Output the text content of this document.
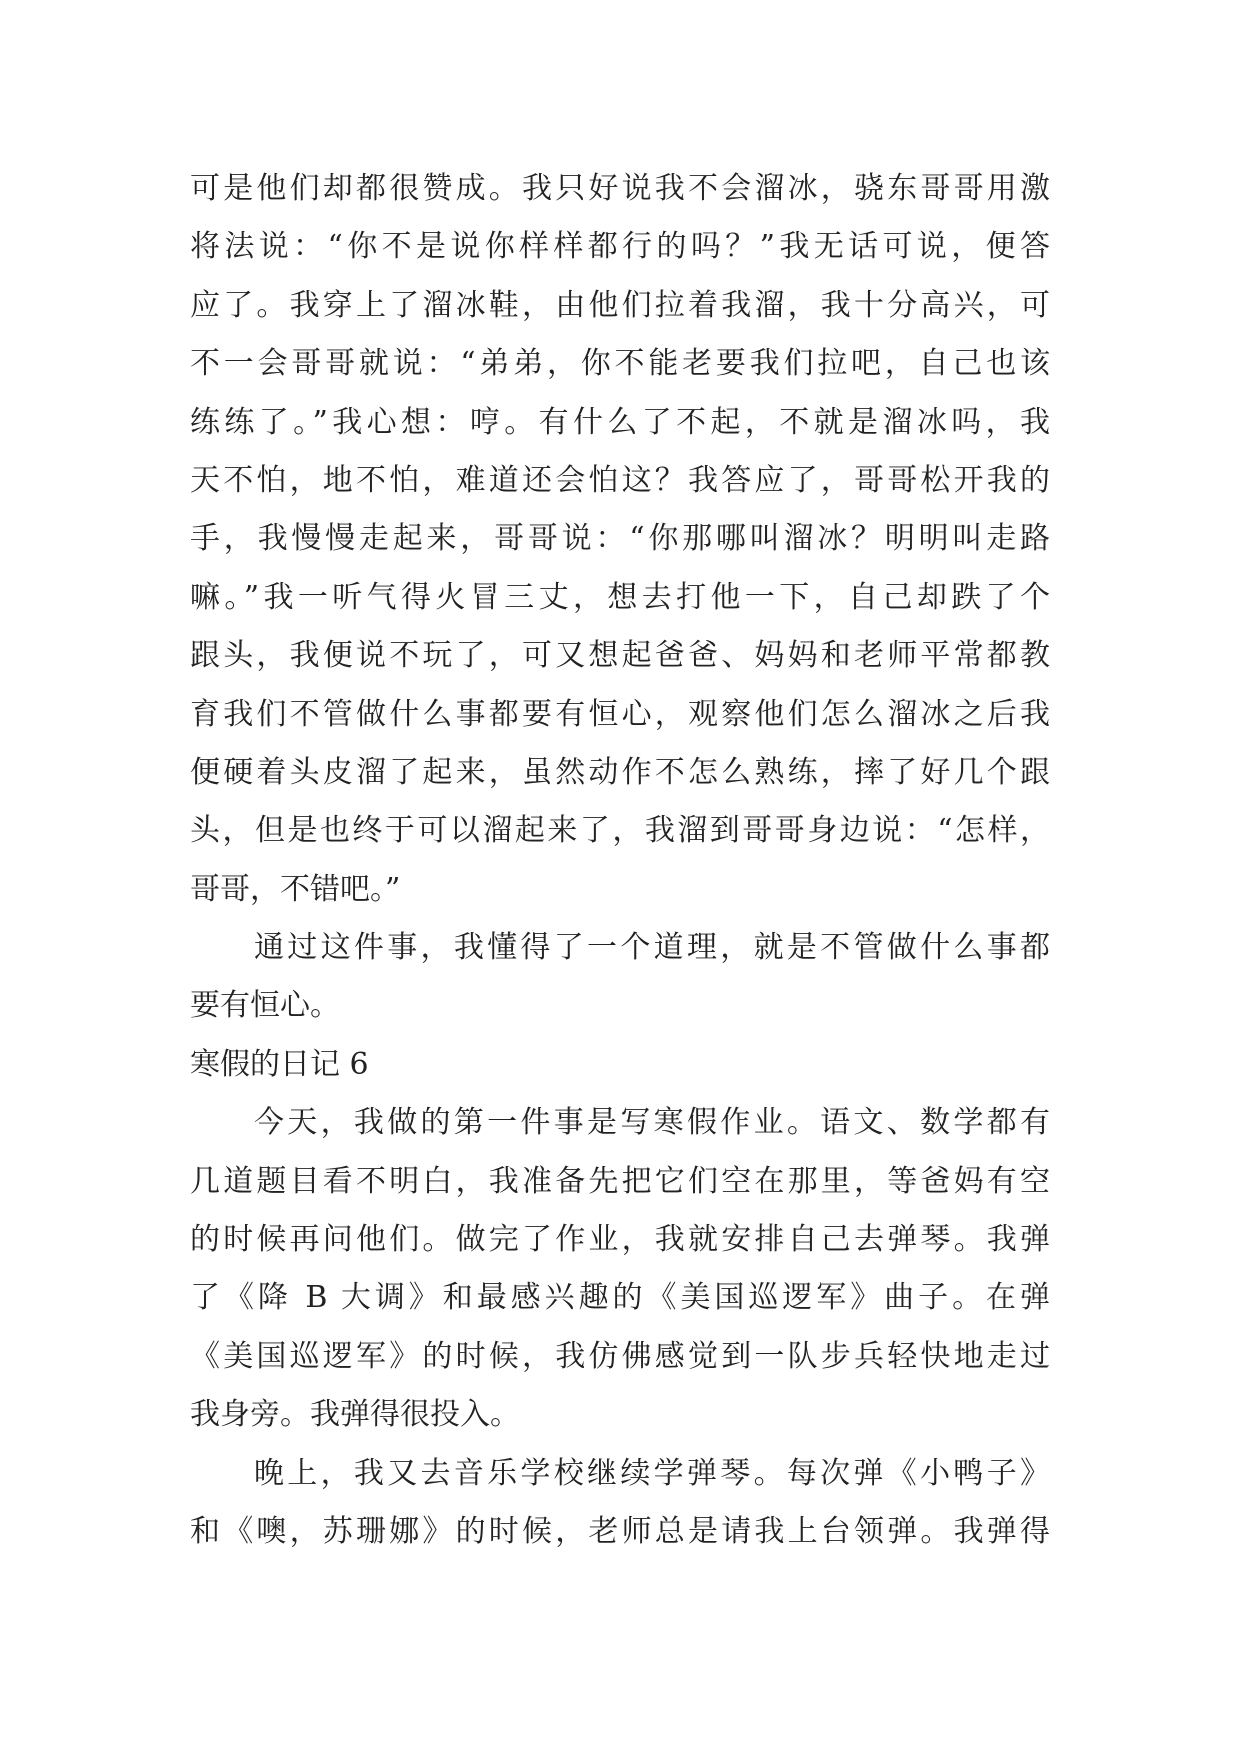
可是他们却都很赞成。我只好说我不会溜冰，骁东哥哥用激
将法说：“你不是说你样样都行的吗？”我无话可说，便答
应了。我穿上了溜冰鞋，由他们拉着我溜，我十分高兴，可
不一会哥哥就说：“弟弟，你不能老要我们拉吧，自己也该
练练了。”我心想：哼。有什么了不起，不就是溜冰吗，我
天不怕，地不怕，难道还会怕这？我答应了，哥哥松开我的
手，我慢慢走起来，哥哥说：“你那哪叫溜冰？明明叫走路
嘛。”我一听气得火冒三丈，想去打他一下，自己却跌了个
跟头，我便说不玩了，可又想起爸爸、妈妈和老师平常都教
育我们不管做什么事都要有恒心，观察他们怎么溜冰之后我
便硬着头皮溜了起来，虽然动作不怎么熟练，摔了好几个跟
头，但是也终于可以溜起来了，我溜到哥哥身边说：“怎样，
哥哥，不错吧。”
通过这件事，我懂得了一个道理，就是不管做什么事都
要有恒心。
寒假的日记 6
今天，我做的第一件事是写寒假作业。语文、数学都有
几道题目看不明白，我准备先把它们空在那里，等爸妈有空
的时候再问他们。做完了作业，我就安排自己去弹琴。我弹
了《降 B 大调》和最感兴趣的《美国巡逻军》曲子。在弹
《美国巡逻军》的时候，我仿佛感觉到一队步兵轻快地走过
我身旁。我弹得很投入。
晚上，我又去音乐学校继续学弹琴。每次弹《小鸭子》
和《噢，苏珊娜》的时候，老师总是请我上台领弹。我弹得
